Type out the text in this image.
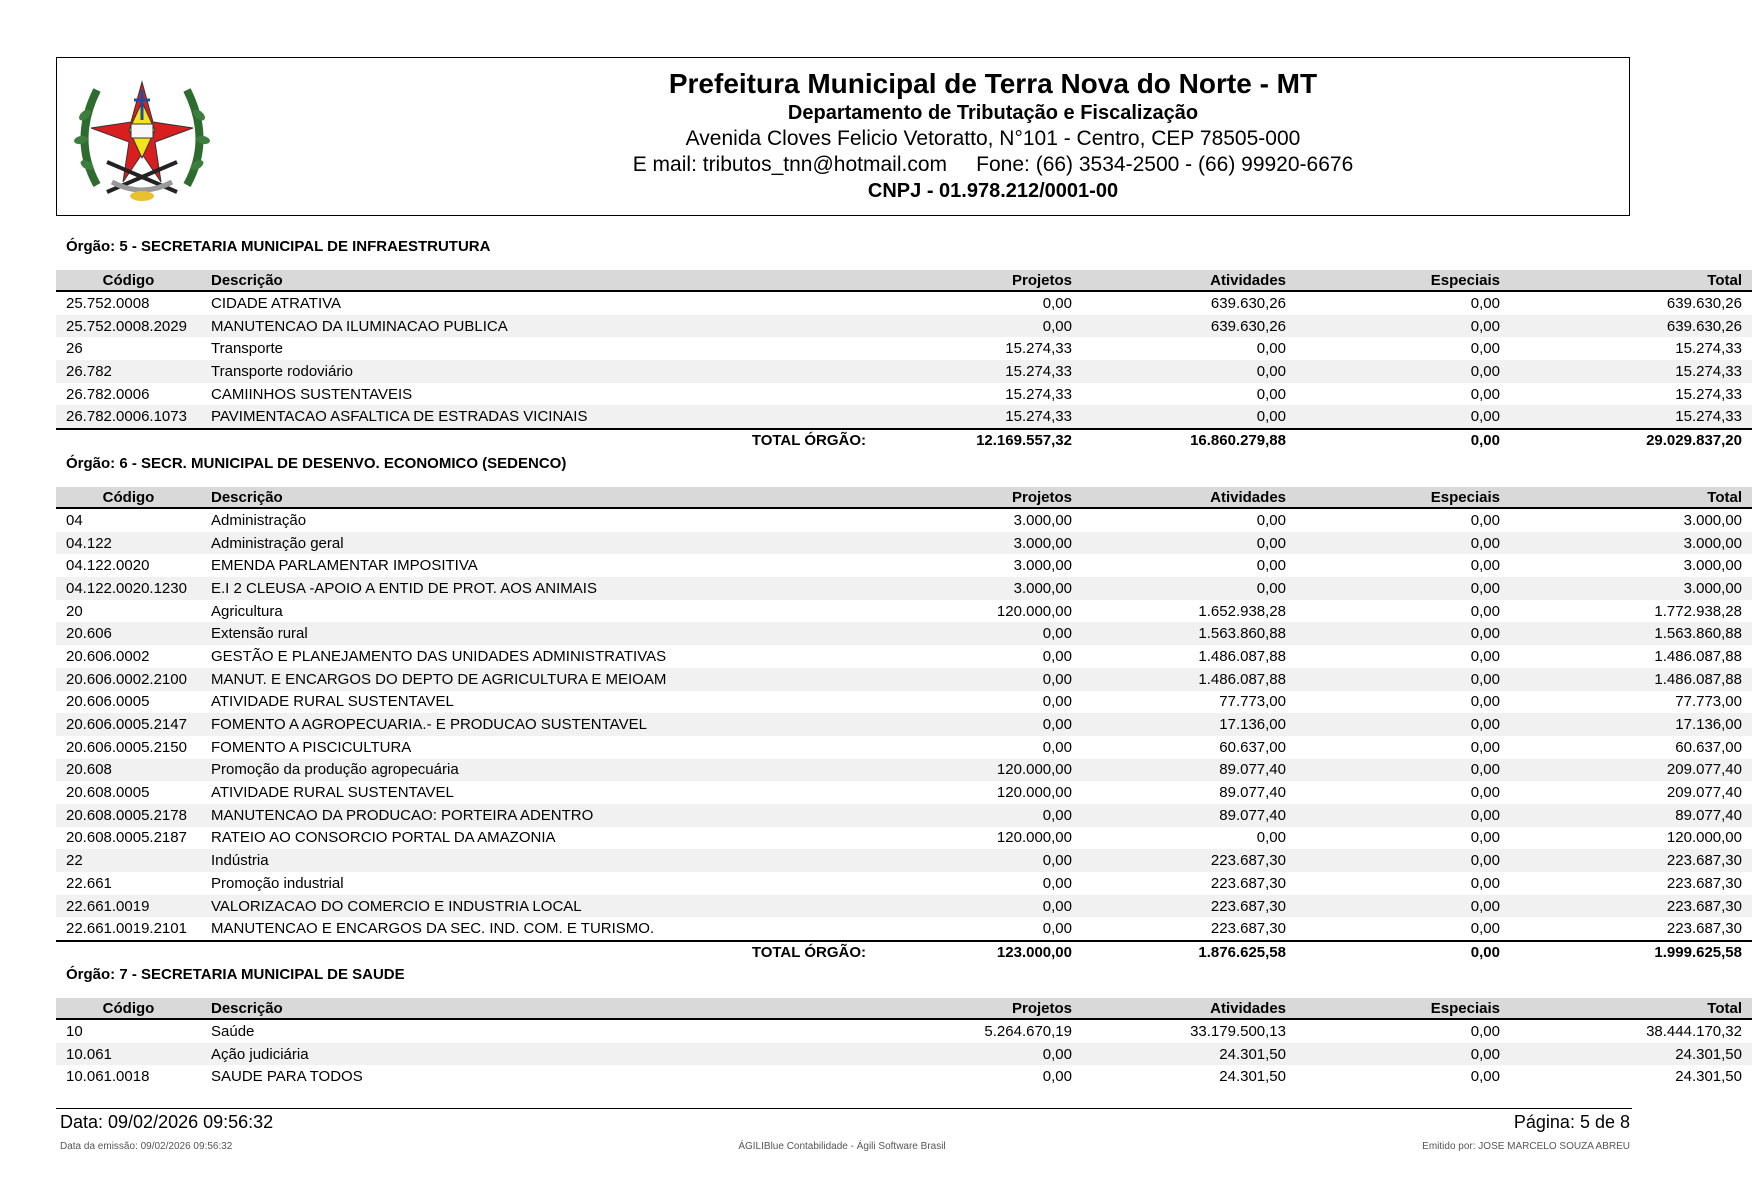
Prefeitura Municipal de Terra Nova do Norte - MT
Departamento de Tributação e Fiscalização
Avenida Cloves Felicio Vetoratto, N°101 - Centro, CEP 78505-000
E mail: tributos_tnn@hotmail.com     Fone: (66) 3534-2500 - (66) 99920-6676
CNPJ - 01.978.212/0001-00
Órgão: 5 - SECRETARIA MUNICIPAL DE INFRAESTRUTURA
Código	Descrição	Projetos	Atividades	Especiais	Total
25.752.0008	CIDADE ATRATIVA	0,00	639.630,26	0,00	639.630,26
25.752.0008.2029	MANUTENCAO DA ILUMINACAO PUBLICA	0,00	639.630,26	0,00	639.630,26
26	Transporte	15.274,33	0,00	0,00	15.274,33
26.782	Transporte rodoviário	15.274,33	0,00	0,00	15.274,33
26.782.0006	CAMIINHOS SUSTENTAVEIS	15.274,33	0,00	0,00	15.274,33
26.782.0006.1073	PAVIMENTACAO ASFALTICA DE ESTRADAS VICINAIS	15.274,33	0,00	0,00	15.274,33
	TOTAL ÓRGÃO:	12.169.557,32	16.860.279,88	0,00	29.029.837,20
Órgão: 6 - SECR. MUNICIPAL DE DESENVO. ECONOMICO (SEDENCO)
Código	Descrição	Projetos	Atividades	Especiais	Total
04	Administração	3.000,00	0,00	0,00	3.000,00
04.122	Administração geral	3.000,00	0,00	0,00	3.000,00
04.122.0020	EMENDA PARLAMENTAR IMPOSITIVA	3.000,00	0,00	0,00	3.000,00
04.122.0020.1230	E.I 2 CLEUSA -APOIO A ENTID DE PROT. AOS ANIMAIS	3.000,00	0,00	0,00	3.000,00
20	Agricultura	120.000,00	1.652.938,28	0,00	1.772.938,28
20.606	Extensão rural	0,00	1.563.860,88	0,00	1.563.860,88
20.606.0002	GESTÃO E PLANEJAMENTO DAS UNIDADES ADMINISTRATIVAS	0,00	1.486.087,88	0,00	1.486.087,88
20.606.0002.2100	MANUT. E ENCARGOS DO DEPTO DE AGRICULTURA E MEIOAM	0,00	1.486.087,88	0,00	1.486.087,88
20.606.0005	ATIVIDADE RURAL SUSTENTAVEL	0,00	77.773,00	0,00	77.773,00
20.606.0005.2147	FOMENTO A AGROPECUARIA.- E PRODUCAO SUSTENTAVEL	0,00	17.136,00	0,00	17.136,00
20.606.0005.2150	FOMENTO A PISCICULTURA	0,00	60.637,00	0,00	60.637,00
20.608	Promoção da produção agropecuária	120.000,00	89.077,40	0,00	209.077,40
20.608.0005	ATIVIDADE RURAL SUSTENTAVEL	120.000,00	89.077,40	0,00	209.077,40
20.608.0005.2178	MANUTENCAO DA PRODUCAO: PORTEIRA ADENTRO	0,00	89.077,40	0,00	89.077,40
20.608.0005.2187	RATEIO AO CONSORCIO PORTAL DA AMAZONIA	120.000,00	0,00	0,00	120.000,00
22	Indústria	0,00	223.687,30	0,00	223.687,30
22.661	Promoção industrial	0,00	223.687,30	0,00	223.687,30
22.661.0019	VALORIZACAO DO COMERCIO E INDUSTRIA LOCAL	0,00	223.687,30	0,00	223.687,30
22.661.0019.2101	MANUTENCAO E ENCARGOS DA SEC. IND. COM. E TURISMO.	0,00	223.687,30	0,00	223.687,30
	TOTAL ÓRGÃO:	123.000,00	1.876.625,58	0,00	1.999.625,58
Órgão: 7 - SECRETARIA MUNICIPAL DE SAUDE
Código	Descrição	Projetos	Atividades	Especiais	Total
10	Saúde	5.264.670,19	33.179.500,13	0,00	38.444.170,32
10.061	Ação judiciária	0,00	24.301,50	0,00	24.301,50
10.061.0018	SAUDE PARA TODOS	0,00	24.301,50	0,00	24.301,50
Data: 09/02/2026 09:56:32	Página: 5 de 8
Data da emissão: 09/02/2026 09:56:32	ÁGILIBlue Contabilidade - Ágili Software Brasil	Emitido por: JOSE MARCELO SOUZA ABREU
